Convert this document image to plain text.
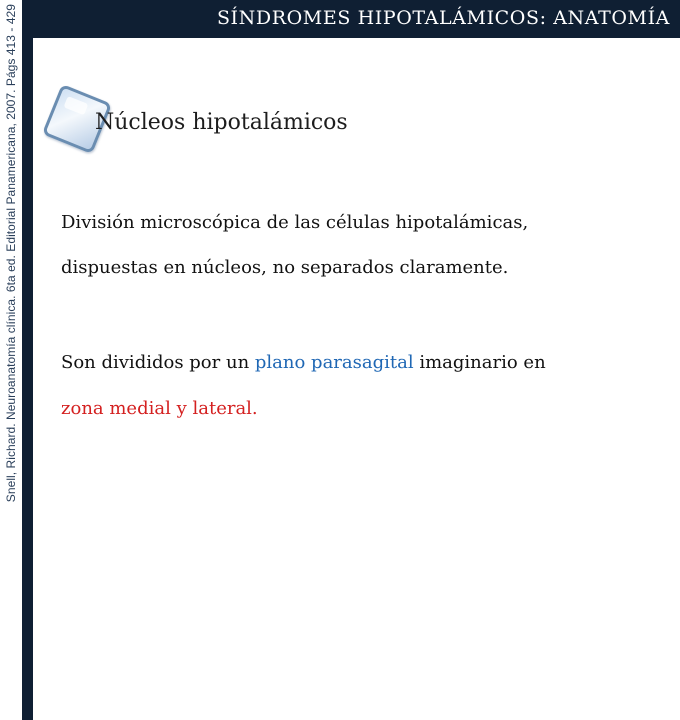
Snell, Richard. Neuroanatomía clínica. 6ta ed. Editorial Panamericana, 2007. Págs 413 - 429	SÍNDROMES HIPOTALÁMICOS: ANATOMÍA
Núcleos hipotalámicos
División microscópica de las células hipotalámicas,
dispuestas en núcleos, no separados claramente.
Son divididos por un plano parasagital imaginario en
zona medial y lateral.
